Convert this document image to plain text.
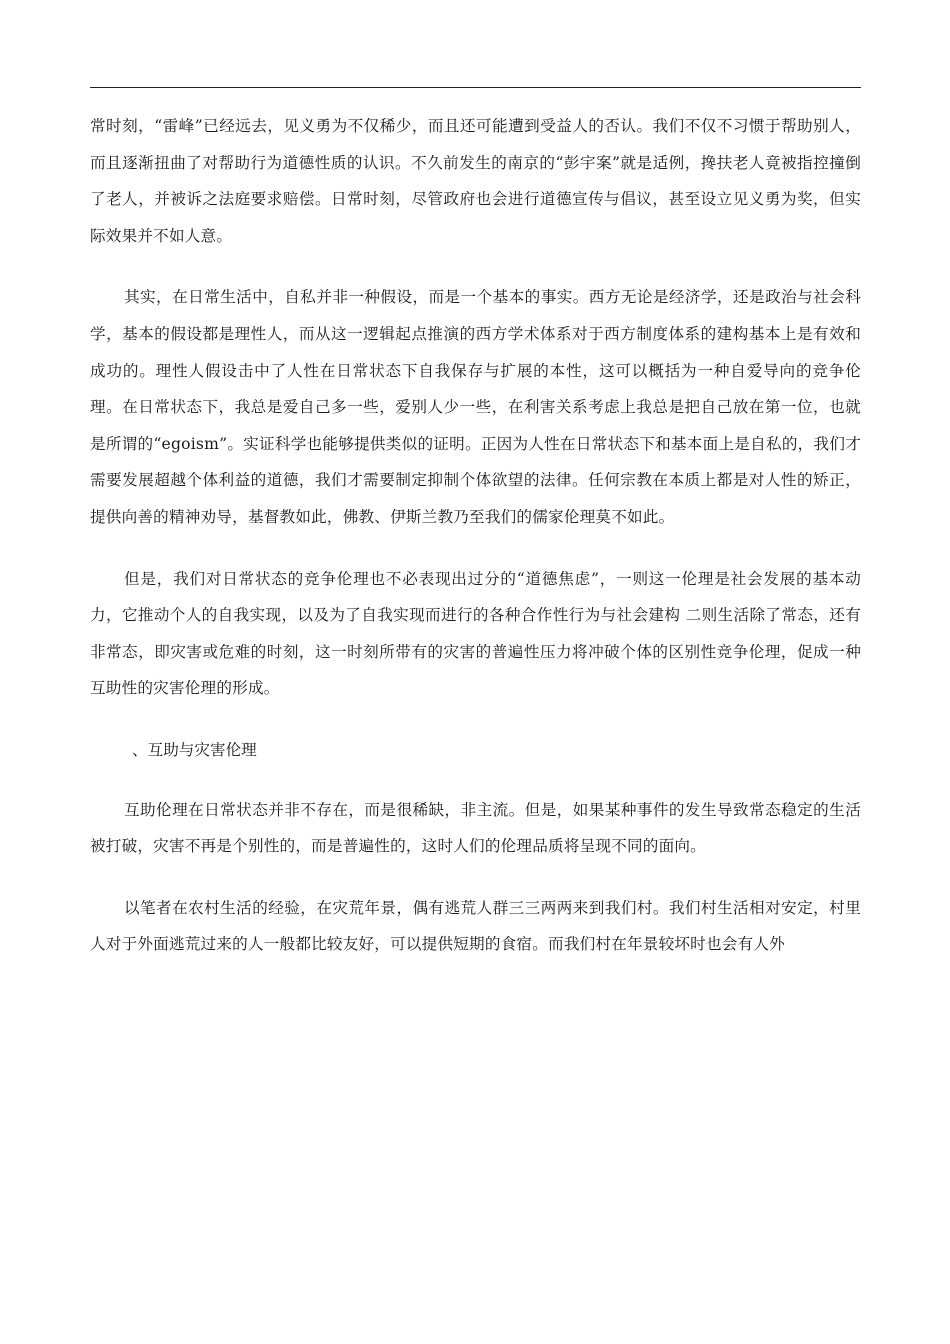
常时刻，“雷峰”已经远去，见义勇为不仅稀少，而且还可能遭到受益人的否认。我们不仅不习惯于帮助别人，而且逐渐扭曲了对帮助行为道德性质的认识。不久前发生的南京的“彭宇案”就是适例，搀扶老人竟被指控撞倒了老人，并被诉之法庭要求赔偿。日常时刻，尽管政府也会进行道德宣传与倡议，甚至设立见义勇为奖，但实际效果并不如人意。

其实，在日常生活中，自私并非一种假设，而是一个基本的事实。西方无论是经济学，还是政治与社会科学，基本的假设都是理性人，而从这一逻辑起点推演的西方学术体系对于西方制度体系的建构基本上是有效和成功的。理性人假设击中了人性在日常状态下自我保存与扩展的本性，这可以概括为一种自爱导向的竞争伦理。在日常状态下，我总是爱自己多一些，爱别人少一些，在利害关系考虑上我总是把自己放在第一位，也就是所谓的“egoism”。实证科学也能够提供类似的证明。正因为人性在日常状态下和基本面上是自私的，我们才需要发展超越个体利益的道德，我们才需要制定抑制个体欲望的法律。任何宗教在本质上都是对人性的矫正，提供向善的精神劝导，基督教如此，佛教、伊斯兰教乃至我们的儒家伦理莫不如此。

但是，我们对日常状态的竞争伦理也不必表现出过分的“道德焦虑”，一则这一伦理是社会发展的基本动力，它推动个人的自我实现，以及为了自我实现而进行的各种合作性行为与社会建构 二则生活除了常态，还有非常态，即灾害或危难的时刻，这一时刻所带有的灾害的普遍性压力将冲破个体的区别性竞争伦理，促成一种互助性的灾害伦理的形成。

、互助与灾害伦理

互助伦理在日常状态并非不存在，而是很稀缺，非主流。但是，如果某种事件的发生导致常态稳定的生活被打破，灾害不再是个别性的，而是普遍性的，这时人们的伦理品质将呈现不同的面向。

以笔者在农村生活的经验，在灾荒年景，偶有逃荒人群三三两两来到我们村。我们村生活相对安定，村里人对于外面逃荒过来的人一般都比较友好，可以提供短期的食宿。而我们村在年景较坏时也会有人外
